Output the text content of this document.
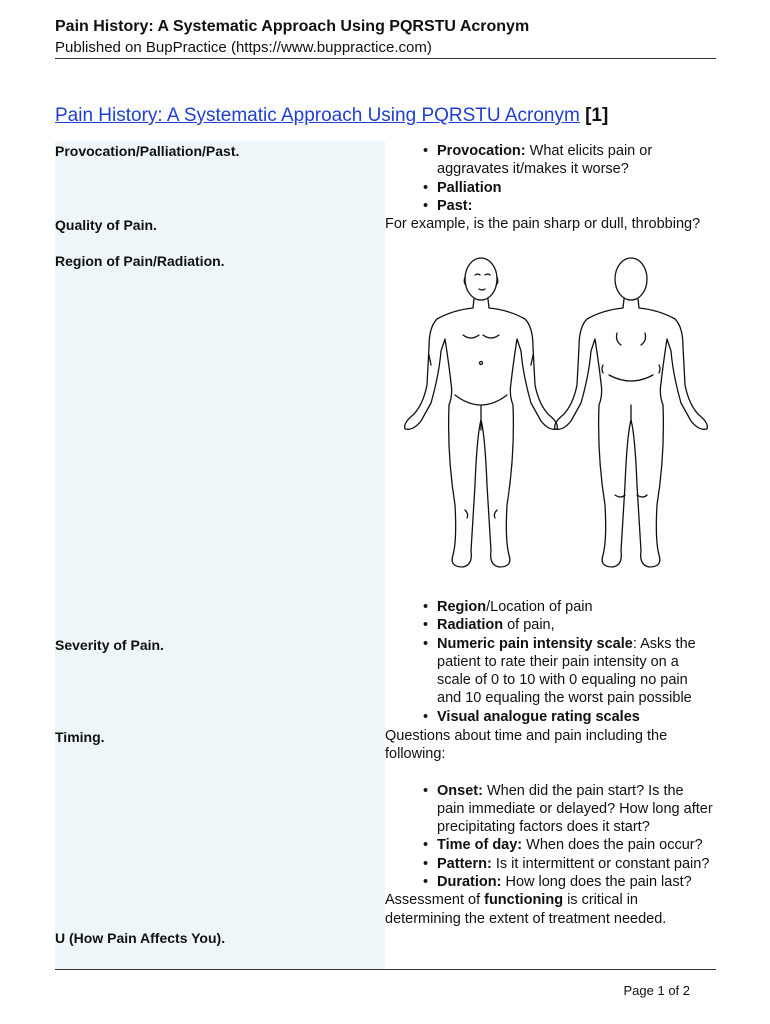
Pain History: A Systematic Approach Using PQRSTU Acronym
Published on BupPractice (https://www.buppractice.com)
Pain History: A Systematic Approach Using PQRSTU Acronym [1]
Provocation/Palliation/Past.
Quality of Pain.
Region of Pain/Radiation.
Severity of Pain.
Timing.
U (How Pain Affects You).
• Provocation: What elicits pain or aggravates it/makes it worse?
• Palliation
• Past:

For example, is the pain sharp or dull, throbbing?

• Region/Location of pain
• Radiation of pain,
• Numeric pain intensity scale: Asks the patient to rate their pain intensity on a scale of 0 to 10 with 0 equaling no pain and 10 equaling the worst pain possible
• Visual analogue rating scales

Questions about time and pain including the following:

• Onset: When did the pain start? Is the pain immediate or delayed? How long after precipitating factors does it start?
• Time of day: When does the pain occur?
• Pattern: Is it intermittent or constant pain?
• Duration: How long does the pain last?

Assessment of functioning is critical in determining the extent of treatment needed.

Page 1 of 2
